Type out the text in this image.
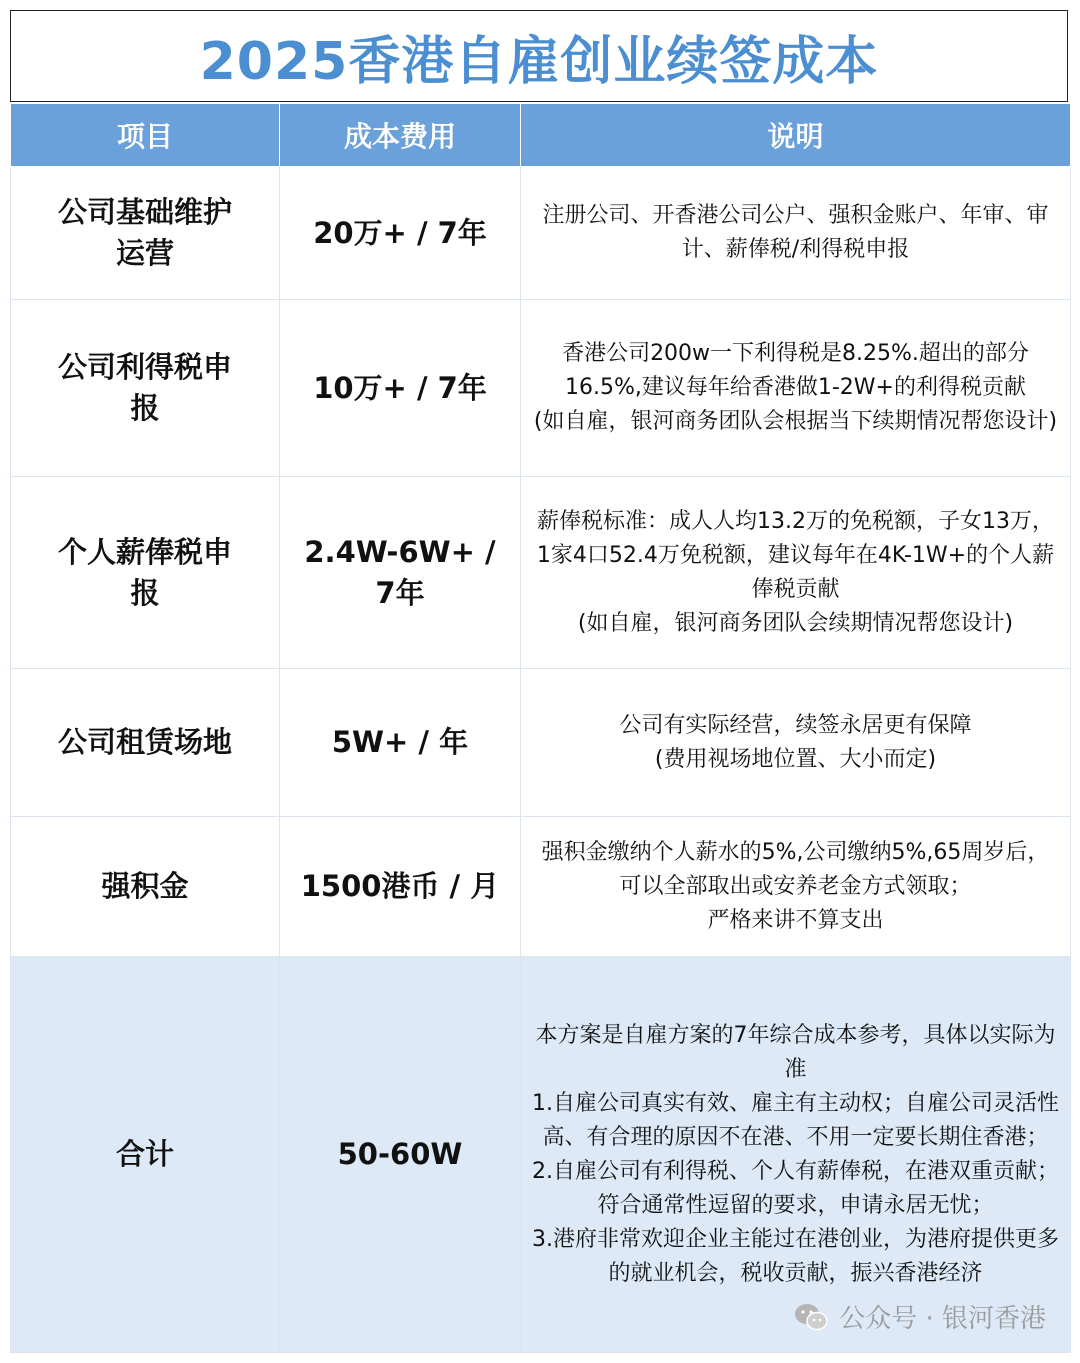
2025香港自雇创业续签成本
项目	成本费用	说明
公司基础维护运营	20万+ / 7年	注册公司、开香港公司公户、强积金账户、年审、审计、薪俸税/利得税申报

公司利得税申报	10万+ / 7年	香港公司200w一下利得税是8.25%.超出的部分16.5%,建议每年给香港做1-2W+的利得税贡献
(如自雇，银河商务团队会根据当下续期情况帮您设计)

个人薪俸税申报	2.4W-6W+ / 7年	薪俸税标准：成人人均13.2万的免税额，子女13万，1家4口52.4万免税额，建议每年在4K-1W+的个人薪俸税贡献
(如自雇，银河商务团队会续期情况帮您设计)

公司租赁场地	5W+ / 年	公司有实际经营，续签永居更有保障
(费用视场地位置、大小而定)

强积金	1500港币 / 月	强积金缴纳个人薪水的5%,公司缴纳5%,65周岁后，可以全部取出或安养老金方式领取；
严格来讲不算支出

合计	50-60W	本方案是自雇方案的7年综合成本参考，具体以实际为准
1.自雇公司真实有效、雇主有主动权；自雇公司灵活性高、有合理的原因不在港、不用一定要长期住香港；
2.自雇公司有利得税、个人有薪俸税，在港双重贡献；符合通常性逗留的要求，申请永居无忧；
3.港府非常欢迎企业主能过在港创业，为港府提供更多的就业机会，税收贡献，振兴香港经济
公众号 · 银河香港
